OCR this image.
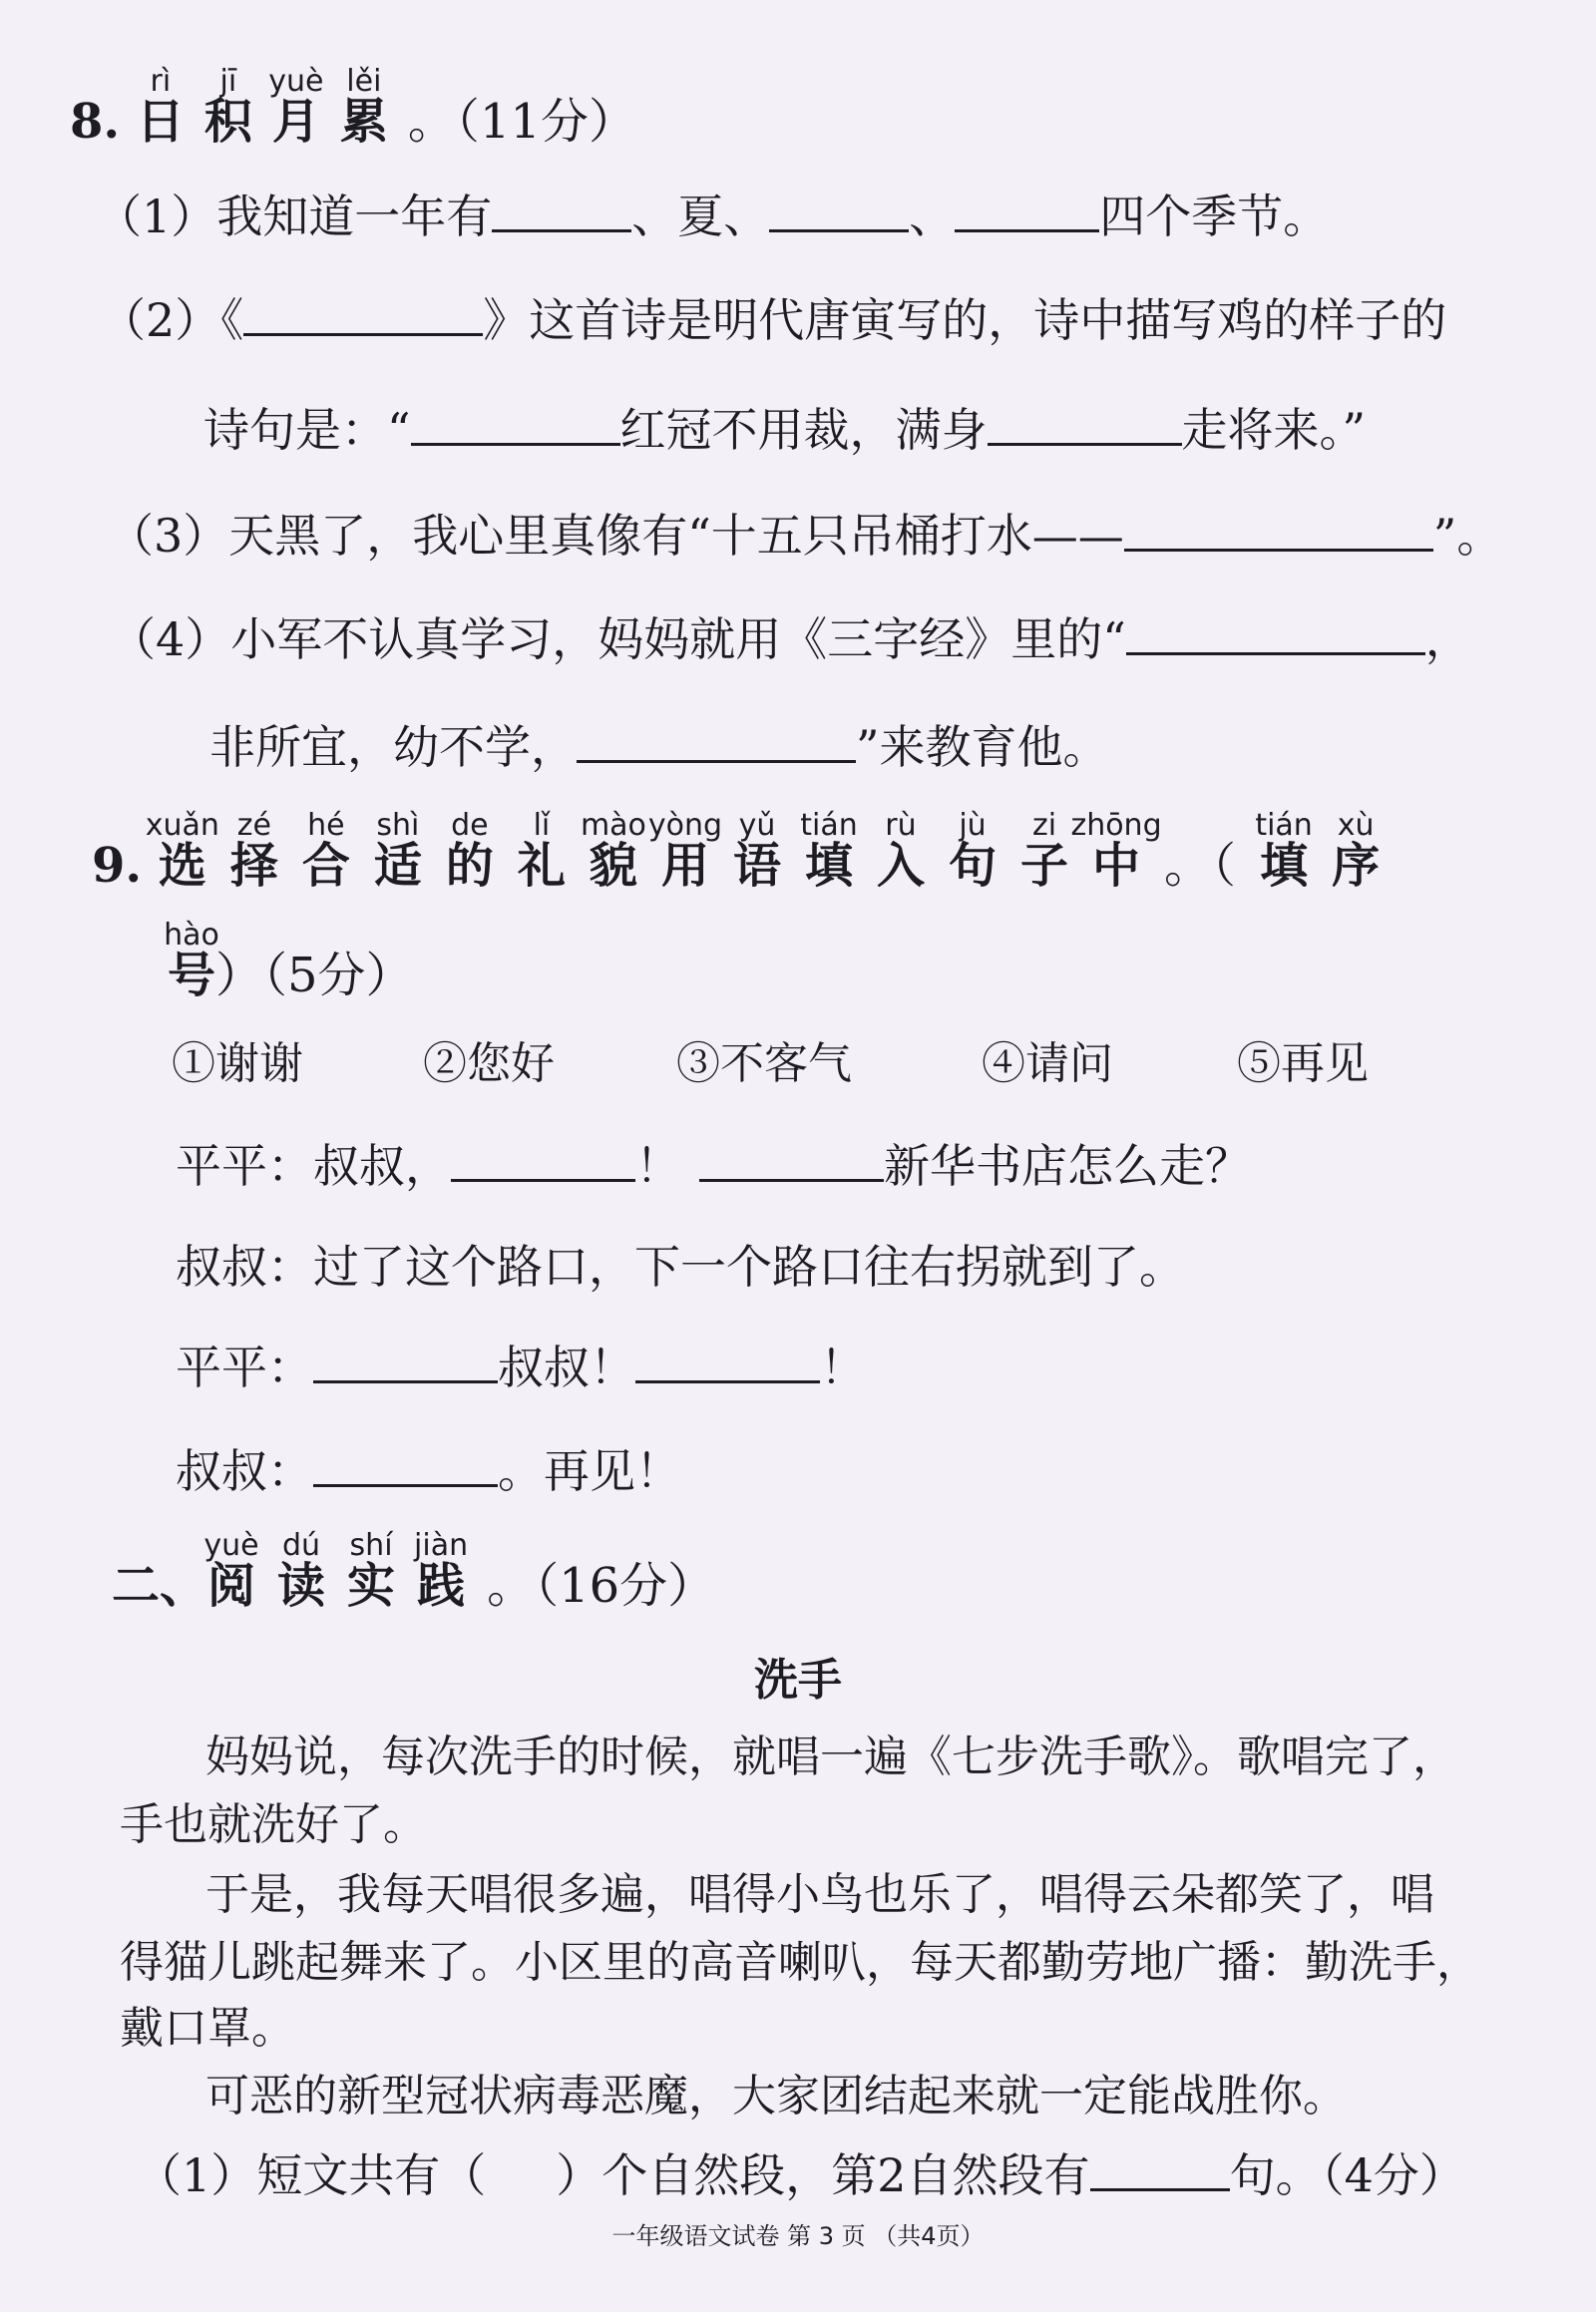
8.
rì
日
jī
积
yuè
月
lěi
累 。（11分）
（1）我知道一年有	、夏、	、	四个季节。
（2）《	》这首诗是明代唐寅写的，诗中描写鸡的样子的
诗句是：“	红冠不用裁，满身	走将来。”
（3）天黑了，我心里真像有“十五只吊桶打水——	”。
（4）小军不认真学习，妈妈就用《三字经》里的“	，
非所宜，幼不学，	”来教育他。
9.
xuǎn
选
zé
择
hé
合
shì
适
de
的
lǐ
礼
mào
貌
yòng
用
yǔ
语
tián
填
rù
入
jù
句
zi
子
zhōng
中 。（
tián
填
xù
序
hào
号）（5分）
①谢谢	②您好	③不客气	④请问	⑤再见
平平：叔叔，	！	新华书店怎么走？
叔叔：过了这个路口，下一个路口往右拐就到了。
平平：	叔叔！	！
叔叔：	。再见！
二、
yuè
阅
dú
读
shí
实
jiàn
践 。（16分）
洗手
妈妈说，每次洗手的时候，就唱一遍《七步洗手歌》。歌唱完了，
手也就洗好了。
于是，我每天唱很多遍，唱得小鸟也乐了，唱得云朵都笑了，唱
得猫儿跳起舞来了。小区里的高音喇叭，每天都勤劳地广播：勤洗手，
戴口罩。
可恶的新型冠状病毒恶魔，大家团结起来就一定能战胜你。
（1）短文共有（ ）个自然段，第2自然段有	句。（4分）
一年级语文试卷 第 3 页 （共4页）
